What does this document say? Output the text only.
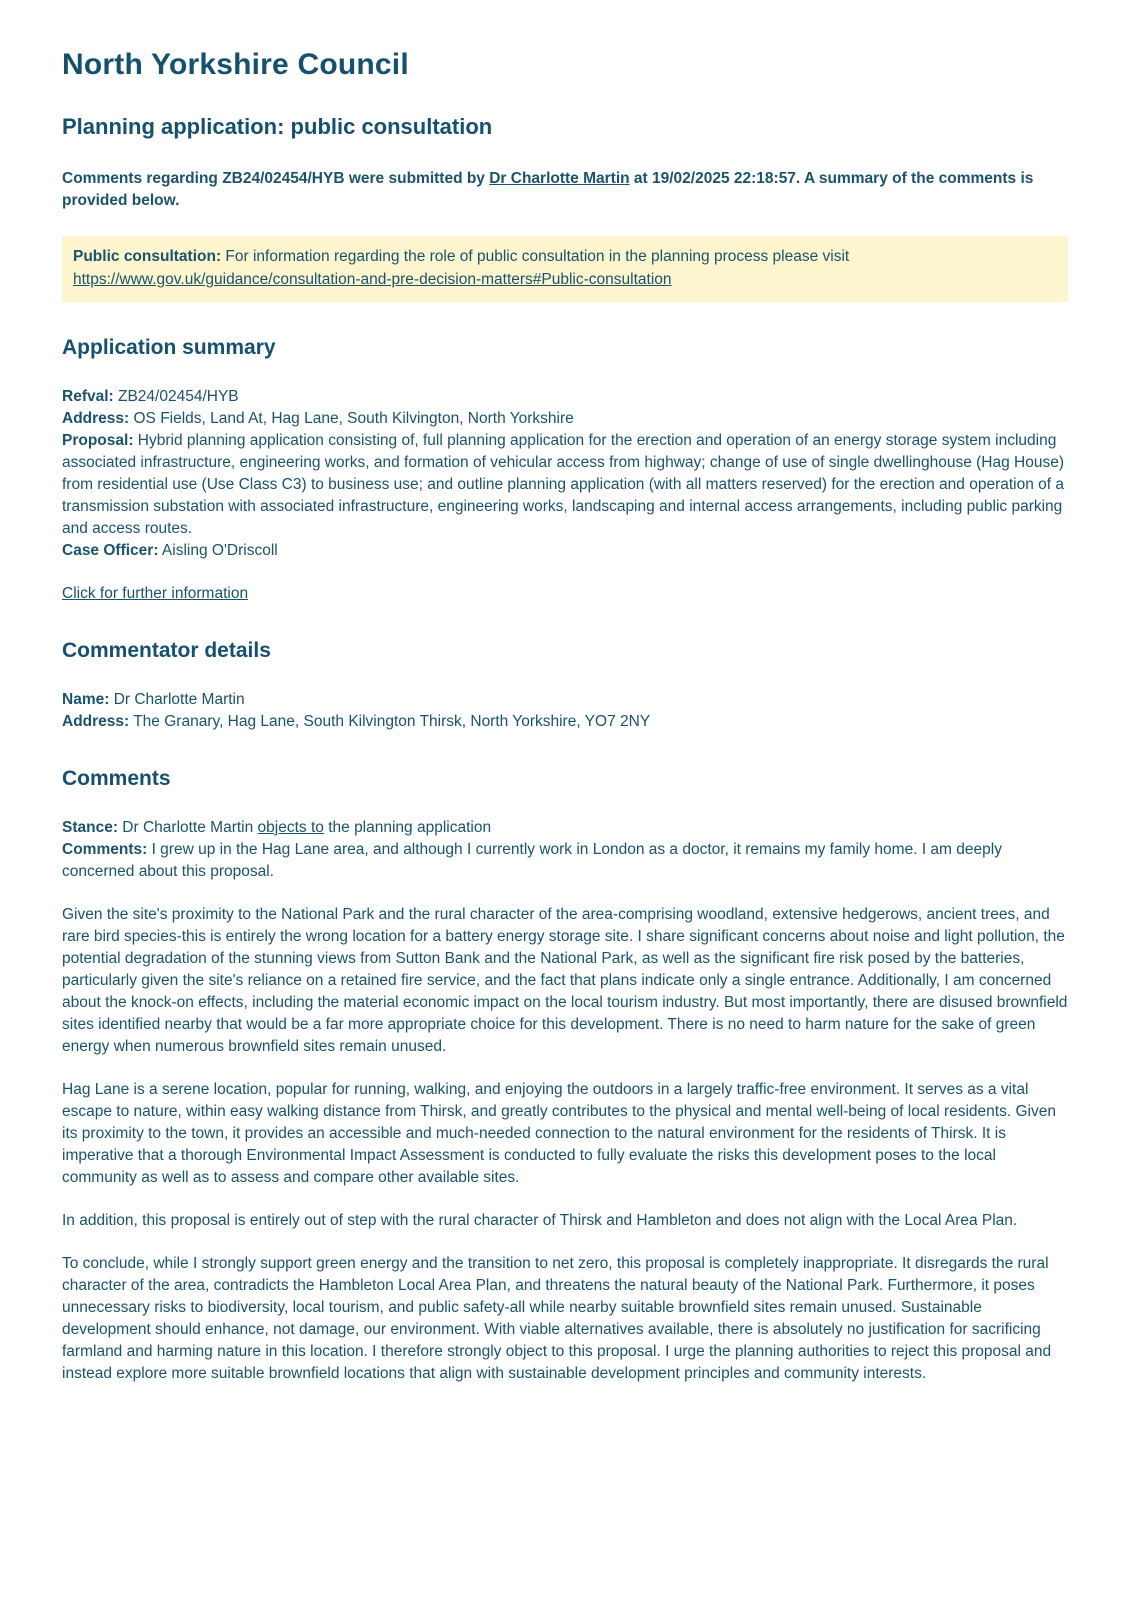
North Yorkshire Council
Planning application: public consultation

Comments regarding ZB24/02454/HYB were submitted by Dr Charlotte Martin at 19/02/2025 22:18:57. A summary of the comments is provided below.

Public consultation: For information regarding the role of public consultation in the planning process please visit https://www.gov.uk/guidance/consultation-and-pre-decision-matters#Public-consultation
Application summary

Refval: ZB24/02454/HYB

Address: OS Fields, Land At, Hag Lane, South Kilvington, North Yorkshire

Proposal: Hybrid planning application consisting of, full planning application for the erection and operation of an energy storage system including associated infrastructure, engineering works, and formation of vehicular access from highway; change of use of single dwellinghouse (Hag House) from residential use (Use Class C3) to business use; and outline planning application (with all matters reserved) for the erection and operation of a transmission substation with associated infrastructure, engineering works, landscaping and internal access arrangements, including public parking and access routes.

Case Officer: Aisling O'Driscoll

Click for further information

Commentator details

Name: Dr Charlotte Martin

Address: The Granary, Hag Lane, South Kilvington Thirsk, North Yorkshire, YO7 2NY

Comments

Stance: Dr Charlotte Martin objects to the planning application

Comments: I grew up in the Hag Lane area, and although I currently work in London as a doctor, it remains my family home. I am deeply concerned about this proposal.

Given the site's proximity to the National Park and the rural character of the area-comprising woodland, extensive hedgerows, ancient trees, and rare bird species-this is entirely the wrong location for a battery energy storage site. I share significant concerns about noise and light pollution, the potential degradation of the stunning views from Sutton Bank and the National Park, as well as the significant fire risk posed by the batteries, particularly given the site's reliance on a retained fire service, and the fact that plans indicate only a single entrance. Additionally, I am concerned about the knock-on effects, including the material economic impact on the local tourism industry. But most importantly, there are disused brownfield sites identified nearby that would be a far more appropriate choice for this development. There is no need to harm nature for the sake of green energy when numerous brownfield sites remain unused.

Hag Lane is a serene location, popular for running, walking, and enjoying the outdoors in a largely traffic-free environment. It serves as a vital escape to nature, within easy walking distance from Thirsk, and greatly contributes to the physical and mental well-being of local residents. Given its proximity to the town, it provides an accessible and much-needed connection to the natural environment for the residents of Thirsk. It is imperative that a thorough Environmental Impact Assessment is conducted to fully evaluate the risks this development poses to the local community as well as to assess and compare other available sites.

In addition, this proposal is entirely out of step with the rural character of Thirsk and Hambleton and does not align with the Local Area Plan.

To conclude, while I strongly support green energy and the transition to net zero, this proposal is completely inappropriate. It disregards the rural character of the area, contradicts the Hambleton Local Area Plan, and threatens the natural beauty of the National Park. Furthermore, it poses unnecessary risks to biodiversity, local tourism, and public safety-all while nearby suitable brownfield sites remain unused. Sustainable development should enhance, not damage, our environment. With viable alternatives available, there is absolutely no justification for sacrificing farmland and harming nature in this location. I therefore strongly object to this proposal. I urge the planning authorities to reject this proposal and instead explore more suitable brownfield locations that align with sustainable development principles and community interests.
